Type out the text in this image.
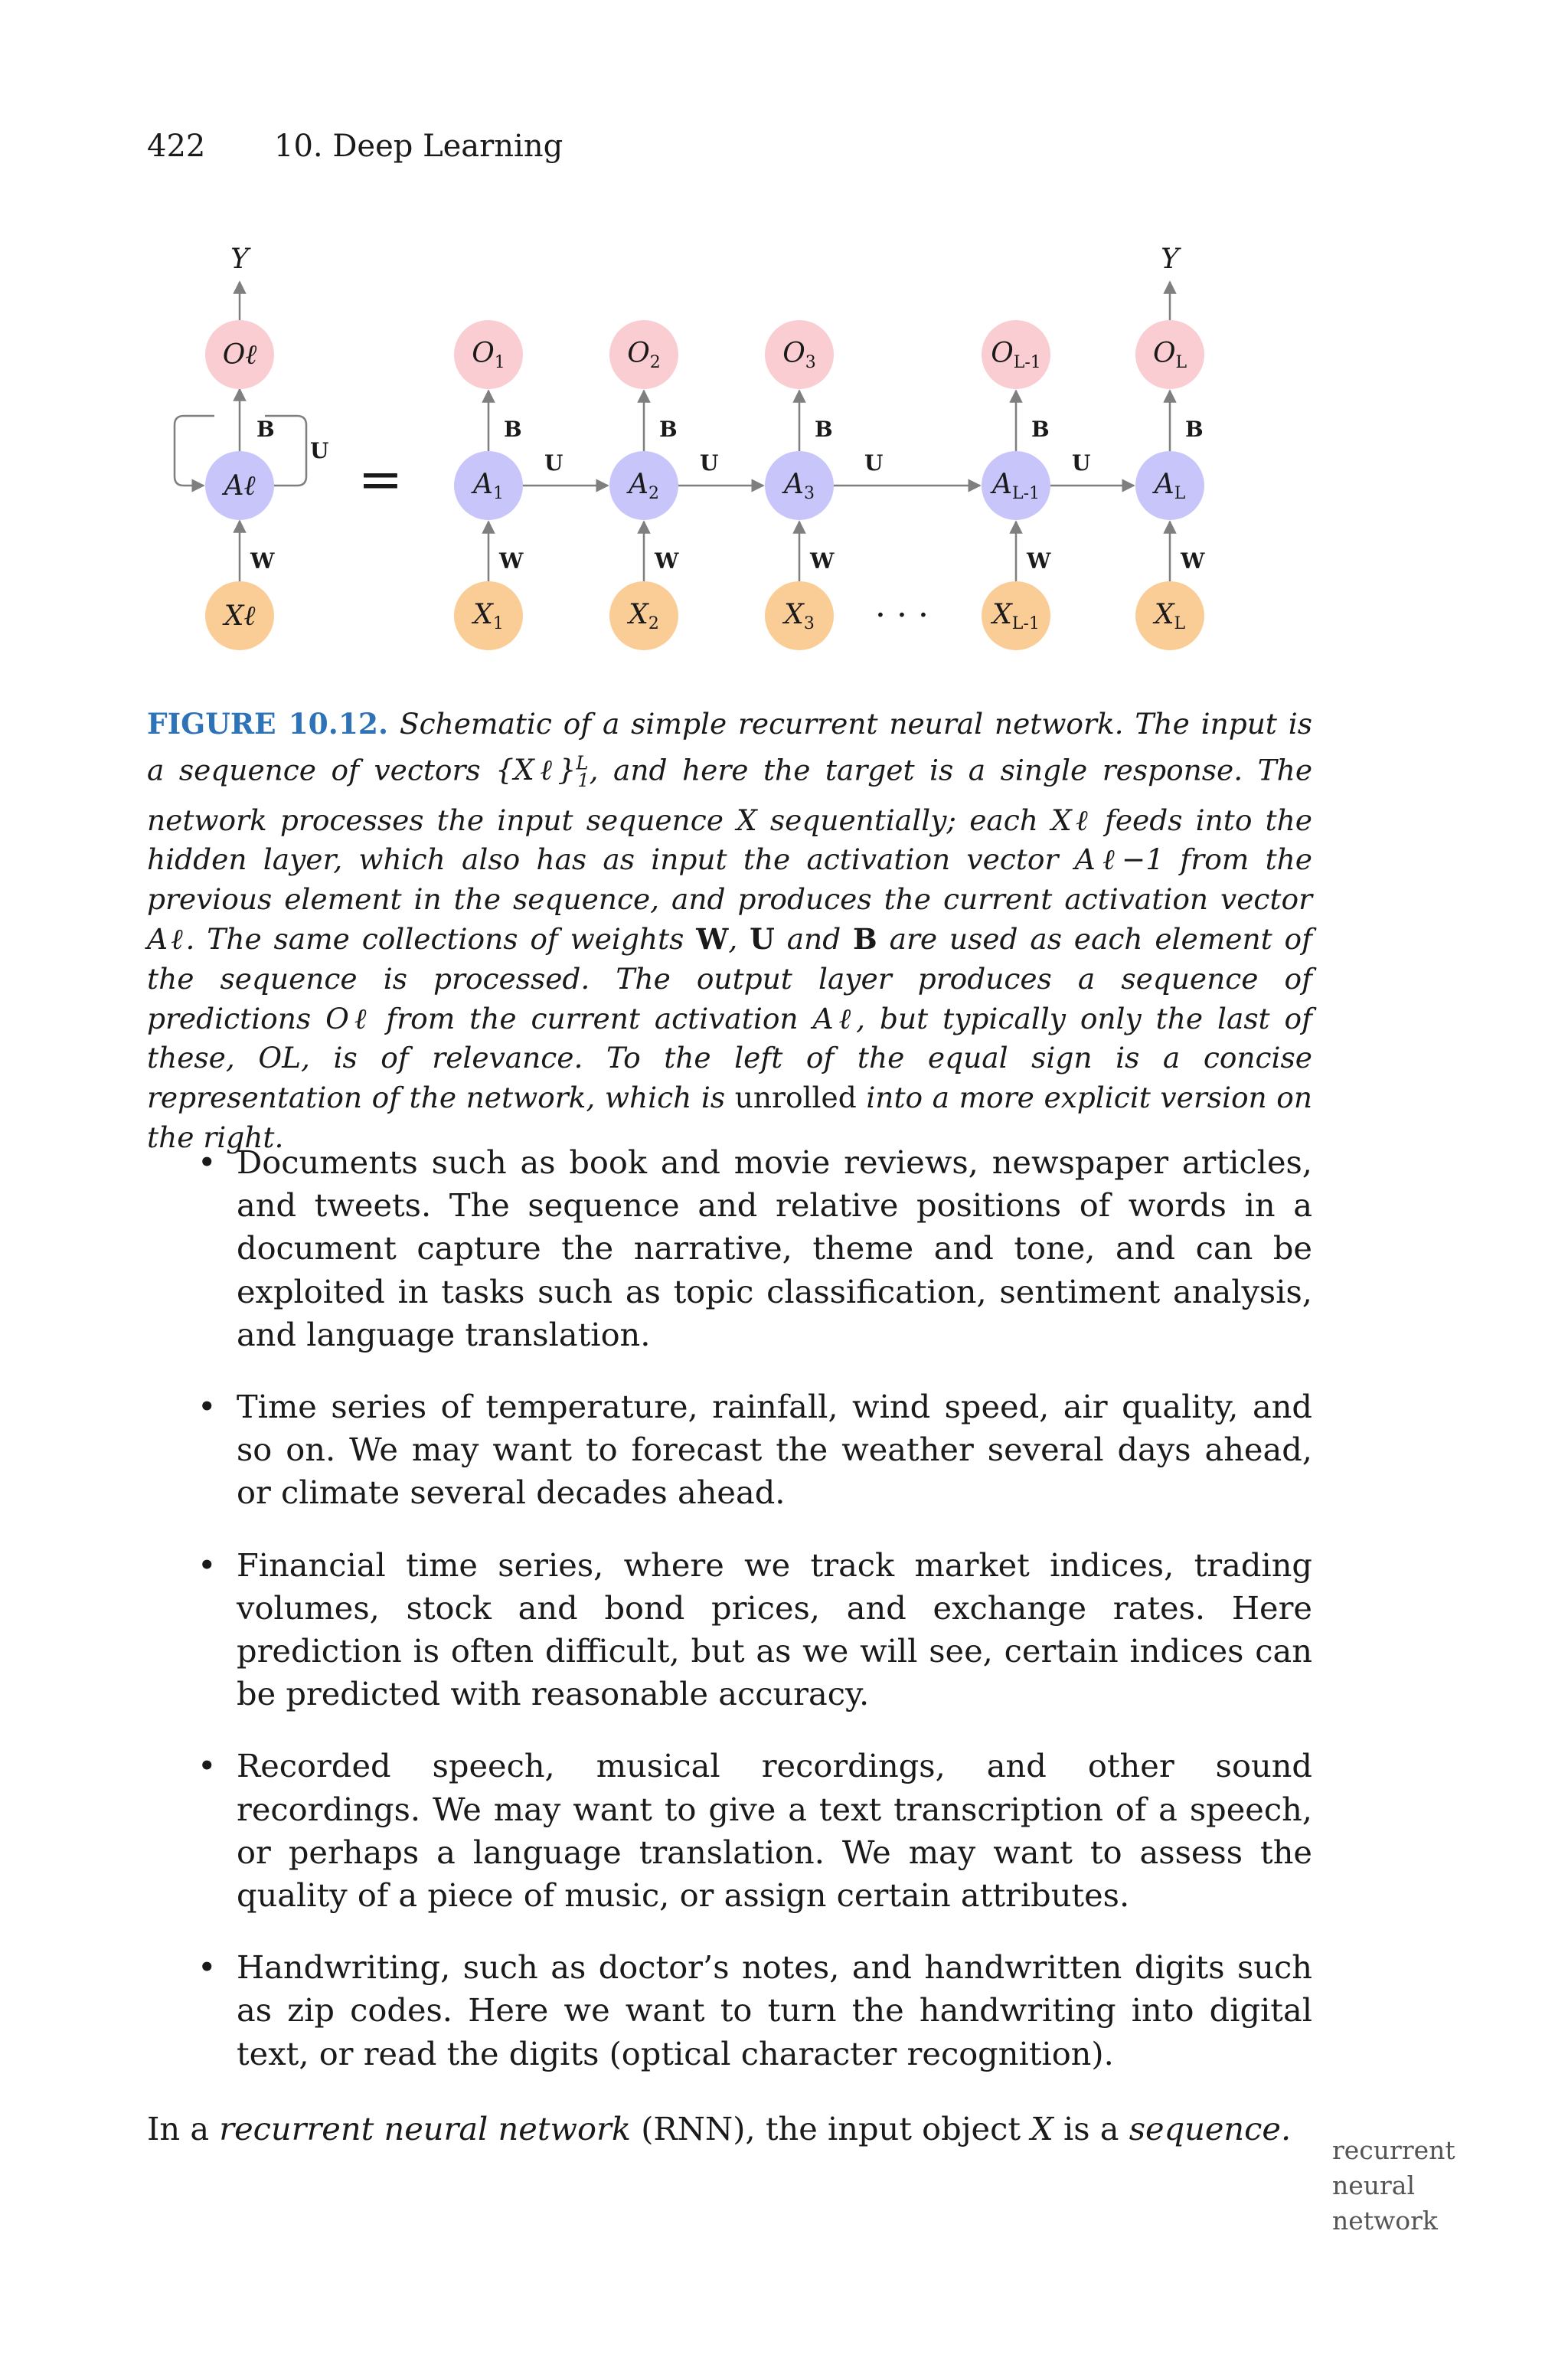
422 10. Deep Learning
Y
B
W
U
Oℓ
Aℓ
Xℓ
=
· · ·
U	U	U	U
B
W
O1
A1
X1
B
W
O2
A2
X2
B
W
O3
A3
X3
B
W
OL-1
AL-1
XL-1
B
W
OL
AL
XL
Y
FIGURE 10.12. Schematic of a simple recurrent neural network. The input is a sequence of vectors {Xℓ}$^L_1$, and here the target is a single response. The network processes the input sequence X sequentially; each Xℓ feeds into the hidden layer, which also has as input the activation vector Aℓ−1 from the previous element in the sequence, and produces the current activation vector Aℓ. The same collections of weights W, U and B are used as each element of the sequence is processed. The output layer produces a sequence of predictions Oℓ from the current activation Aℓ, but typically only the last of these, OL, is of relevance. To the left of the equal sign is a concise representation of the network, which is unrolled into a more explicit version on the right.
• Documents such as book and movie reviews, newspaper articles, and tweets. The sequence and relative positions of words in a document capture the narrative, theme and tone, and can be exploited in tasks such as topic classification, sentiment analysis, and language translation.
• Time series of temperature, rainfall, wind speed, air quality, and so on. We may want to forecast the weather several days ahead, or climate several decades ahead.
• Financial time series, where we track market indices, trading volumes, stock and bond prices, and exchange rates. Here prediction is often difficult, but as we will see, certain indices can be predicted with reasonable accuracy.
• Recorded speech, musical recordings, and other sound recordings. We may want to give a text transcription of a speech, or perhaps a language translation. We may want to assess the quality of a piece of music, or assign certain attributes.
• Handwriting, such as doctor’s notes, and handwritten digits such as zip codes. Here we want to turn the handwriting into digital text, or read the digits (optical character recognition).
In a recurrent neural network (RNN), the input object X is a sequence.
recurrent neural network
